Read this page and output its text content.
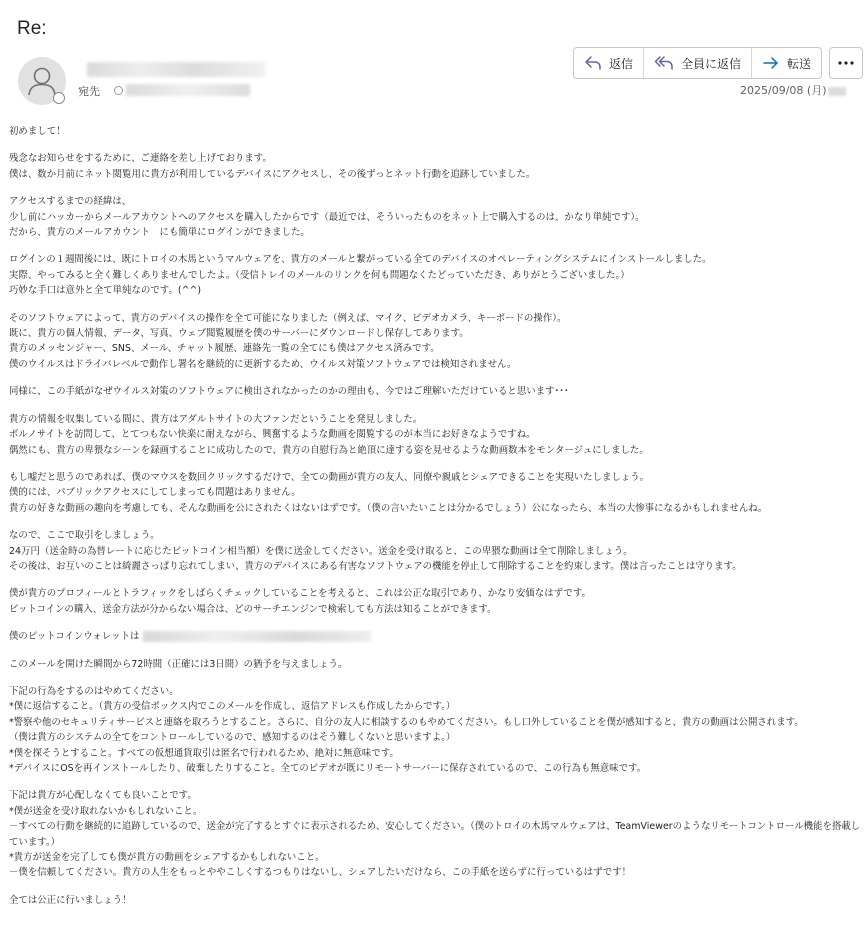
Re:
宛先
返信	全員に返信	転送
2025/09/08 (月)

初めまして！

残念なお知らせをするために、ご連絡を差し上げております。

僕は、数か月前にネット閲覧用に貴方が利用しているデバイスにアクセスし、その後ずっとネット行動を追跡していました。

アクセスするまでの経緯は、

少し前にハッカーからメールアカウントへのアクセスを購入したからです（最近では、そういったものをネット上で購入するのは、かなり単純です）。

だから、貴方のメールアカウント　にも簡単にログインができました。

ログインの１週間後には、既にトロイの木馬というマルウェアを、貴方のメールと繋がっている全てのデバイスのオペレーティングシステムにインストールしました。

実際、やってみると全く難しくありませんでしたよ。（受信トレイのメールのリンクを何も問題なくたどっていただき、ありがとうございました。）

巧妙な手口は意外と全て単純なのです。(^^)

そのソフトウェアによって、貴方のデバイスの操作を全て可能になりました（例えば、マイク、ビデオカメラ、キーボードの操作）。

既に、貴方の個人情報、データ、写真、ウェブ閲覧履歴を僕のサーバーにダウンロードし保存してあります。

貴方のメッセンジャー、SNS、メール、チャット履歴、連絡先一覧の全てにも僕はアクセス済みです。

僕のウイルスはドライバレベルで動作し署名を継続的に更新するため、ウイルス対策ソフトウェアでは検知されません。

同様に、この手紙がなぜウイルス対策のソフトウェアに検出されなかったのかの理由も、今ではご理解いただけていると思います･･･

貴方の情報を収集している間に、貴方はアダルトサイトの大ファンだということを発見しました。

ポルノサイトを訪問して、とてつもない快楽に耐えながら、興奮するような動画を閲覧するのが本当にお好きなようですね。

偶然にも、貴方の卑猥なシーンを録画することに成功したので、貴方の自慰行為と絶頂に達する姿を見せるような動画数本をモンタージュにしました。

もし嘘だと思うのであれば、僕のマウスを数回クリックするだけで、全ての動画が貴方の友人、同僚や親戚とシェアできることを実現いたしましょう。

僕的には、パブリックアクセスにしてしまっても問題はありません。

貴方の好きな動画の趣向を考慮しても、そんな動画を公にされたくはないはずです。（僕の言いたいことは分かるでしょう）公になったら、本当の大惨事になるかもしれませんね。

なので、ここで取引をしましょう。

24万円（送金時の為替レートに応じたビットコイン相当額）を僕に送金してください。送金を受け取ると、この卑猥な動画は全て削除しましょう。

その後は、お互いのことは綺麗さっぱり忘れてしまい、貴方のデバイスにある有害なソフトウェアの機能を停止して削除することを約束します。僕は言ったことは守ります。

僕が貴方のプロフィールとトラフィックをしばらくチェックしていることを考えると、これは公正な取引であり、かなり安価なはずです。

ビットコインの購入、送金方法が分からない場合は、どのサーチエンジンで検索しても方法は知ることができます。

僕のビットコインウォレットは

このメールを開けた瞬間から72時間（正確には3日間）の猶予を与えましょう。

下記の行為をするのはやめてください。

*僕に返信すること。（貴方の受信ボックス内でこのメールを作成し、返信アドレスも作成したからです。）

*警察や他のセキュリティサービスと連絡を取ろうとすること。さらに、自分の友人に相談するのもやめてください。もし口外していることを僕が感知すると、貴方の動画は公開されます。

（僕は貴方のシステムの全てをコントロールしているので、感知するのはそう難しくないと思いますよ。）

*僕を探そうとすること。すべての仮想通貨取引は匿名で行われるため、絶対に無意味です。

*デバイスにOSを再インストールしたり、破棄したりすること。全てのビデオが既にリモートサーバーに保存されているので、この行為も無意味です。

下記は貴方が心配しなくても良いことです。

*僕が送金を受け取れないかもしれないこと。

－すべての行動を継続的に追跡しているので、送金が完了するとすぐに表示されるため、安心してください。（僕のトロイの木馬マルウェアは、TeamViewerのようなリモートコントロール機能を搭載しています。）

*貴方が送金を完了しても僕が貴方の動画をシェアするかもしれないこと。

－僕を信頼してください。貴方の人生をもっとややこしくするつもりはないし、シェアしたいだけなら、この手紙を送らずに行っているはずです！

全ては公正に行いましょう！
